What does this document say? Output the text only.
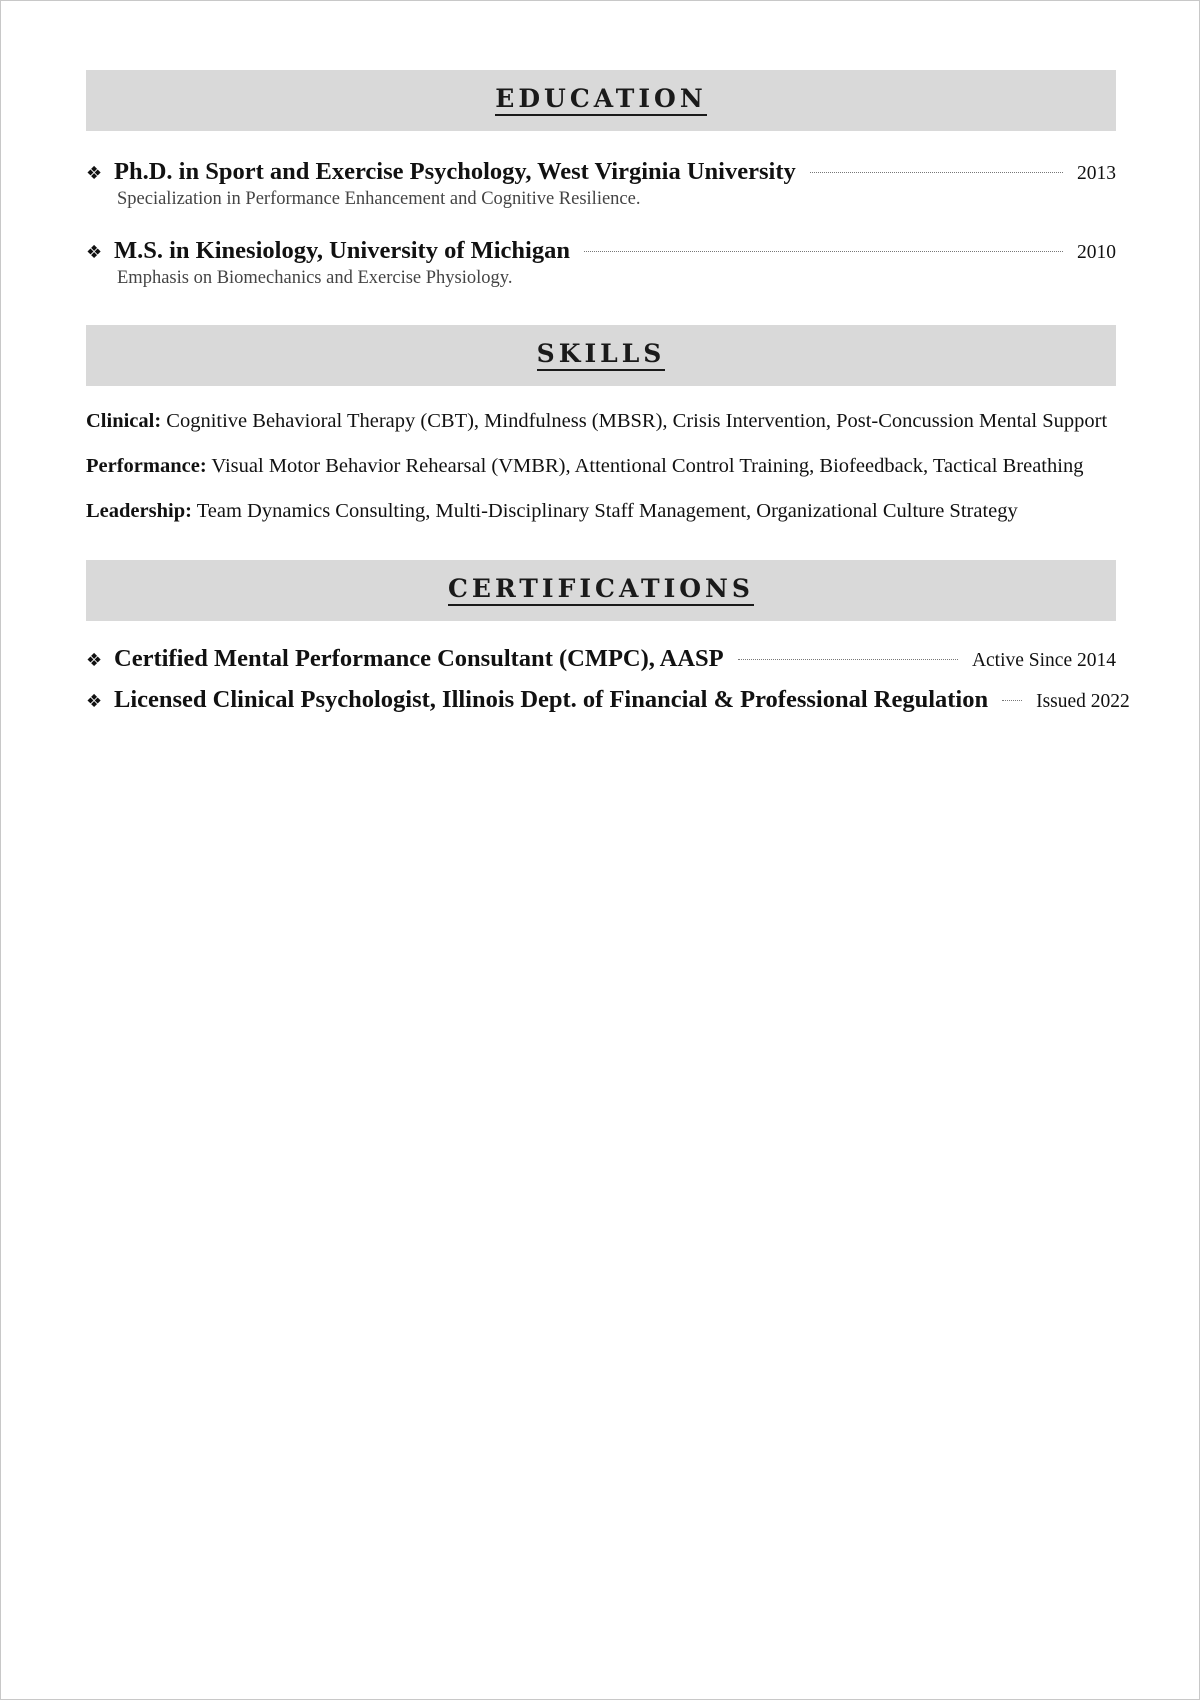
EDUCATION
❖ Ph.D. in Sport and Exercise Psychology, West Virginia University	2013
Specialization in Performance Enhancement and Cognitive Resilience.
❖ M.S. in Kinesiology, University of Michigan	2010
Emphasis on Biomechanics and Exercise Physiology.
SKILLS
Clinical: Cognitive Behavioral Therapy (CBT), Mindfulness (MBSR), Crisis Intervention, Post-Concussion Mental Support
Performance: Visual Motor Behavior Rehearsal (VMBR), Attentional Control Training, Biofeedback, Tactical Breathing
Leadership: Team Dynamics Consulting, Multi-Disciplinary Staff Management, Organizational Culture Strategy
CERTIFICATIONS
❖ Certified Mental Performance Consultant (CMPC), AASP	Active Since 2014
❖ Licensed Clinical Psychologist, Illinois Dept. of Financial & Professional Regulation Issued 2022
